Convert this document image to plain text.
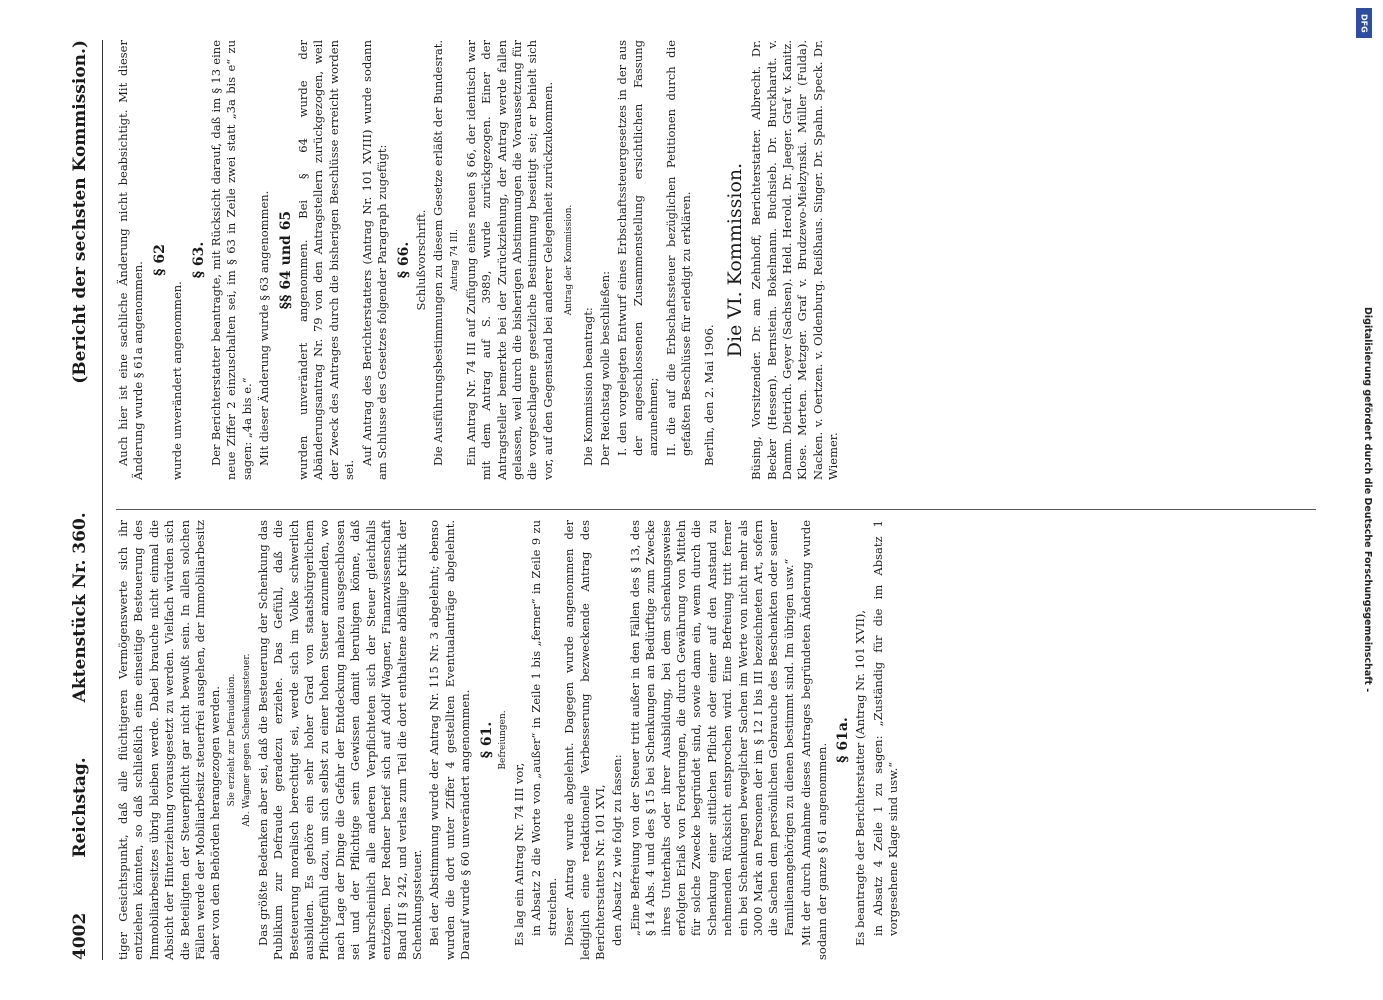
4002
Reichstag.
Aktenstück Nr. 360.
(Bericht der sechsten Kommission.)

tiger Gesichtspunkt, daß alle flüchtigeren Vermögenswerte sich ihr entziehen könnten, so daß schließlich eine einseitige Besteuerung des Immobiliarbesitzes übrig bleiben werde. Dabei brauche nicht einmal die Absicht der Hinterziehung vorausgesetzt zu werden. Vielfach würden sich die Beteiligten der Steuerpflicht gar nicht bewußt sein. In allen solchen Fällen werde der Mobiliarbesitz steuerfrei ausgehen, der Immobiliarbesitz aber von den Behörden herangezogen werden. Sie erzieht zur Defraudation. Ab. Wagner gegen Schenkungssteuer. Das größte Bedenken aber sei, daß die Besteuerung der Schenkung das Publikum zur Defraude geradezu erziehe. Das Gefühl, daß die Besteuerung moralisch berechtigt sei, werde sich im Volke schwerlich ausbilden. Es gehöre ein sehr hoher Grad von staatsbürgerlichem Pflichtgefühl dazu, um sich selbst zu einer hohen Steuer anzumelden, wo nach Lage der Dinge die Gefahr der Entdeckung nahezu ausgeschlossen sei und der Pflichtige sein Gewissen damit beruhigen könne, daß wahrscheinlich alle anderen Verpflichteten sich der Steuer gleichfalls entzögen. Der Redner berief sich auf Adolf Wagner, Finanzwissenschaft Band III § 242, und verlas zum Teil die dort enthaltene abfällige Kritik der Schenkungssteuer. Bei der Abstimmung wurde der Antrag Nr. 115 Nr. 3 abgelehnt; ebenso wurden die dort unter Ziffer 4 gestellten Eventualanträge abgelehnt. Darauf wurde § 60 unverändert angenommen. § 61. Befreiungen.

Es lag ein Antrag Nr. 74 III vor, in Absatz 2 die Worte von „außer“ in Zeile 1 bis „ferner“ in Zeile 9 zu streichen. Dieser Antrag wurde abgelehnt. Dagegen wurde angenommen der lediglich eine redaktionelle Verbesserung bezweckende Antrag des Berichterstatters Nr. 101 XVI, den Absatz 2 wie folgt zu fassen: „Eine Befreiung von der Steuer tritt außer in den Fällen des § 13, des § 14 Abs. 4 und des § 15 bei Schenkungen an Bedürftige zum Zwecke ihres Unterhalts oder ihrer Ausbildung, bei dem schenkungsweise erfolgten Erlaß von Forderungen, die durch Gewährung von Mitteln für solche Zwecke begründet sind, sowie dann ein, wenn durch die Schenkung einer sittlichen Pflicht oder einer auf den Anstand zu nehmenden Rücksicht entsprochen wird. Eine Befreiung tritt ferner ein bei Schenkungen beweglicher Sachen im Werte von nicht mehr als 3000 Mark an Personen der im § 12 I bis III bezeichneten Art, sofern die Sachen dem persönlichen Gebrauche des Beschenkten oder seiner Familienangehörigen zu dienen bestimmt sind. Im übrigen usw.“ Mit der durch Annahme dieses Antrages begründeten Änderung wurde sodann der ganze § 61 angenommen.

§ 61a. Es beantragte der Berichterstatter (Antrag Nr. 101 XVII), in Absatz 4 Zeile 1 zu sagen: „Zuständig für die im Absatz 1 vorgesehene Klage sind usw.“

Auch hier ist eine sachliche Änderung nicht beabsichtigt. Mit dieser Änderung wurde § 61a angenommen.

§ 62

wurde unverändert angenommen.

§ 63. Der Berichterstatter beantragte, mit Rücksicht darauf, daß im § 13 eine neue Ziffer 2 einzuschalten sei, im § 63 in Zeile zwei statt „3a bis e“ zu sagen: „4a bis e.“ Mit dieser Änderung wurde § 63 angenommen. §§ 64 und 65 wurden unverändert angenommen. Bei § 64 wurde der Abänderungsantrag Nr. 79 von den Antragstellern zurückgezogen, weil der Zweck des Antrages durch die bisherigen Beschlüsse erreicht worden sei.

Auf Antrag des Berichterstatters (Antrag Nr. 101 XVIII) wurde sodann am Schlusse des Gesetzes folgender Paragraph zugefügt: § 66. Schlußvorschrift. Die Ausführungsbestimmungen zu diesem Gesetze erläßt der Bundesrat. Antrag 74 III. Ein Antrag Nr. 74 III auf Zufügung eines neuen § 66, der identisch war mit dem Antrag auf S. 3989, wurde zurückgezogen. Einer der Antragsteller bemerkte bei der Zurückziehung, der Antrag werde fallen gelassen, weil durch die bisherigen Abstimmungen die Voraussetzung für die vorgeschlagene gesetzliche Bestimmung beseitigt sei; er behielt sich vor, auf den Gegenstand bei anderer Gelegenheit zurückzukommen. Antrag der Kommission.

Die Kommission beantragt: Der Reichstag wolle beschließen: I. den vorgelegten Entwurf eines Erbschaftssteuergesetzes in der aus der angeschlossenen Zusammenstellung ersichtlichen Fassung anzunehmen; II. die auf die Erbschaftssteuer bezüglichen Petitionen durch die gefaßten Beschlüsse für erledigt zu erklären. Berlin, den 2. Mai 1906.

Die VI. Kommission. Büsing, Vorsitzender. Dr. am Zehnhoff, Berichterstatter. Albrecht. Dr. Becker (Hessen). Bernstein. Bokelmann. Buchsieb. Dr. Burckhardt. v. Damm. Dietrich. Geyer (Sachsen). Held. Herold. Dr. Jaeger. Graf v. Kanitz. Klose. Merten. Metzger. Graf v. Brudzewo-Mielzynski. Müller (Fulda). Nacken. v. Oertzen. v. Oldenburg. Reißhaus. Singer. Dr. Spahn. Speck. Dr. Wiemer.

DFG
Digitalisierung gefördert durch die Deutsche Forschungsgemeinschaft -
